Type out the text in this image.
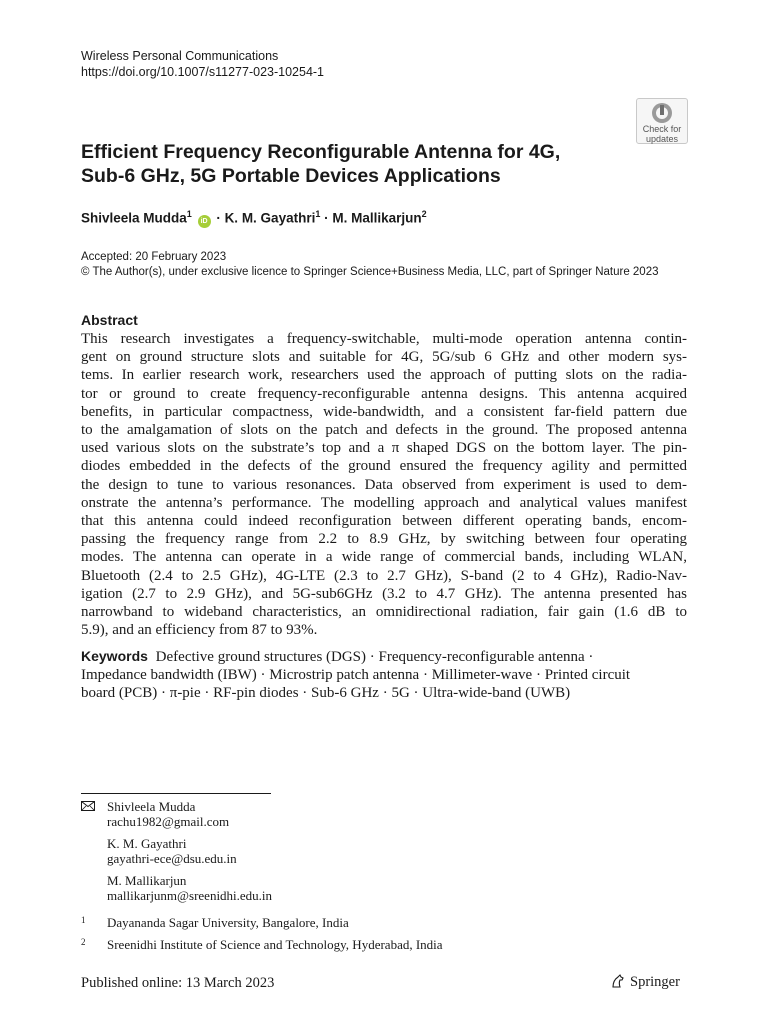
Wireless Personal Communications
https://doi.org/10.1007/s11277-023-10254-1
Check for
updates
Efficient Frequency Reconfigurable Antenna for 4G,
Sub-6 GHz, 5G Portable Devices Applications
Shivleela Mudda$^1$ iD · K. M. Gayathri$^1$ · M. Mallikarjun$^2$
Accepted: 20 February 2023
© The Author(s), under exclusive licence to Springer Science+Business Media, LLC, part of Springer Nature 2023
Abstract

This research investigates a frequency-switchable, multi-mode operation antenna contin-
gent on ground structure slots and suitable for 4G, 5G/sub 6 GHz and other modern sys-
tems. In earlier research work, researchers used the approach of putting slots on the radia-
tor or ground to create frequency-reconfigurable antenna designs. This antenna acquired
benefits, in particular compactness, wide-bandwidth, and a consistent far-field pattern due
to the amalgamation of slots on the patch and defects in the ground. The proposed antenna
used various slots on the substrate’s top and a π shaped DGS on the bottom layer. The pin-
diodes embedded in the defects of the ground ensured the frequency agility and permitted
the design to tune to various resonances. Data observed from experiment is used to dem-
onstrate the antenna’s performance. The modelling approach and analytical values manifest
that this antenna could indeed reconfiguration between different operating bands, encom-
passing the frequency range from 2.2 to 8.9 GHz, by switching between four operating
modes. The antenna can operate in a wide range of commercial bands, including WLAN,
Bluetooth (2.4 to 2.5 GHz), 4G-LTE (2.3 to 2.7 GHz), S-band (2 to 4 GHz), Radio-Nav-
igation (2.7 to 2.9 GHz), and 5G-sub6GHz (3.2 to 4.7 GHz). The antenna presented has
narrowband to wideband characteristics, an omnidirectional radiation, fair gain (1.6 dB to
5.9), and an efficiency from 87 to 93%.

Keywords Defective ground structures (DGS) · Frequency-reconfigurable antenna ·
Impedance bandwidth (IBW) · Microstrip patch antenna · Millimeter-wave · Printed circuit
board (PCB) · π-pie · RF-pin diodes · Sub-6 GHz · 5G · Ultra-wide-band (UWB)
Shivleela Mudda
rachu1982@gmail.com
K. M. Gayathri
gayathri-ece@dsu.edu.in
M. Mallikarjun
mallikarjunm@sreenidhi.edu.in
1 Dayananda Sagar University, Bangalore, India
2 Sreenidhi Institute of Science and Technology, Hyderabad, India
Published online: 13 March 2023	Springer
